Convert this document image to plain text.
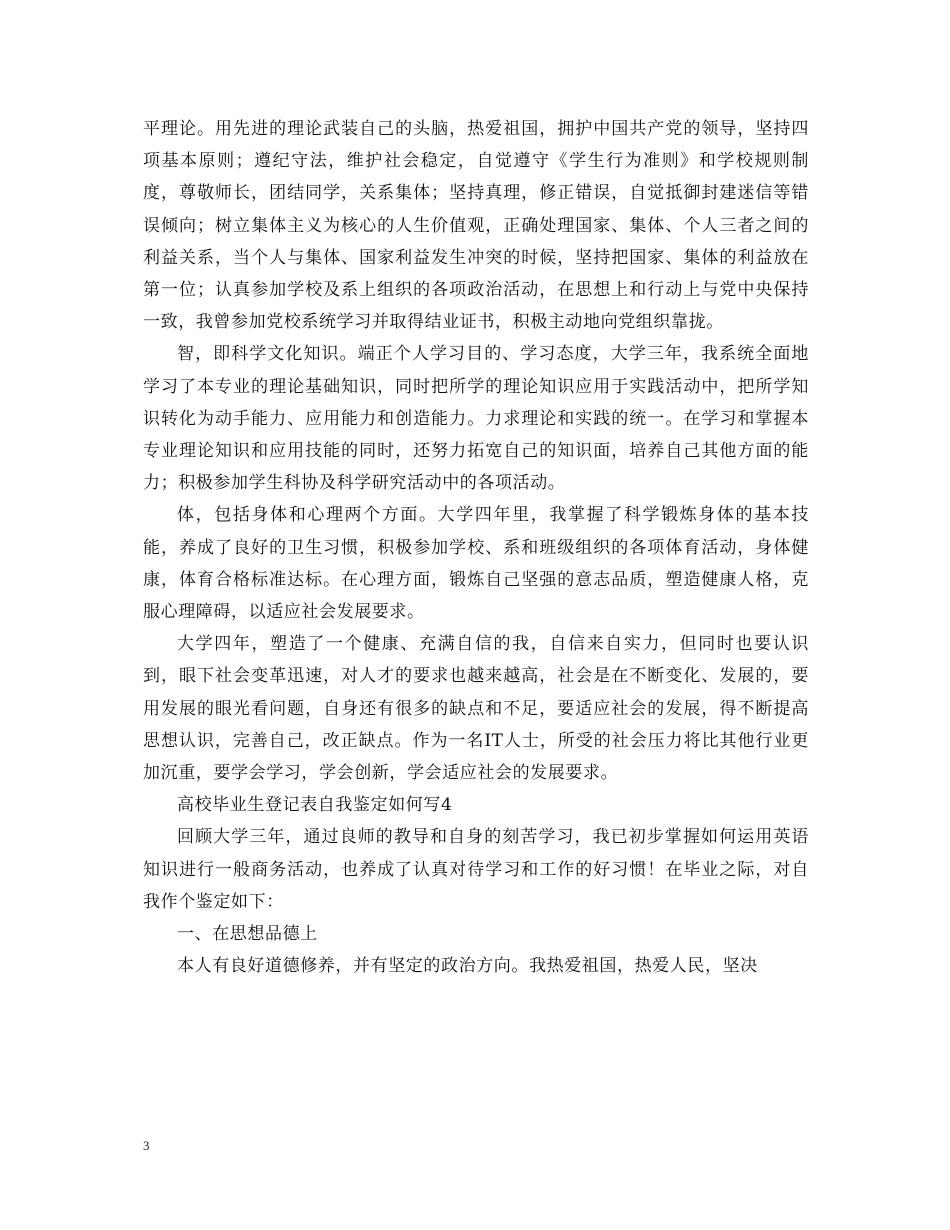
平理论。用先进的理论武装自己的头脑，热爱祖国，拥护中国共产党的领导，坚持四项基本原则；遵纪守法，维护社会稳定，自觉遵守《学生行为准则》和学校规则制度，尊敬师长，团结同学，关系集体；坚持真理，修正错误，自觉抵御封建迷信等错误倾向；树立集体主义为核心的人生价值观，正确处理国家、集体、个人三者之间的利益关系，当个人与集体、国家利益发生冲突的时候，坚持把国家、集体的利益放在第一位；认真参加学校及系上组织的各项政治活动，在思想上和行动上与党中央保持一致，我曾参加党校系统学习并取得结业证书，积极主动地向党组织靠拢。

智，即科学文化知识。端正个人学习目的、学习态度，大学三年，我系统全面地学习了本专业的理论基础知识，同时把所学的理论知识应用于实践活动中，把所学知识转化为动手能力、应用能力和创造能力。力求理论和实践的统一。在学习和掌握本专业理论知识和应用技能的同时，还努力拓宽自己的知识面，培养自己其他方面的能力；积极参加学生科协及科学研究活动中的各项活动。

体，包括身体和心理两个方面。大学四年里，我掌握了科学锻炼身体的基本技能，养成了良好的卫生习惯，积极参加学校、系和班级组织的各项体育活动，身体健康，体育合格标准达标。在心理方面，锻炼自己坚强的意志品质，塑造健康人格，克服心理障碍，以适应社会发展要求。

大学四年，塑造了一个健康、充满自信的我，自信来自实力，但同时也要认识到，眼下社会变革迅速，对人才的要求也越来越高，社会是在不断变化、发展的，要用发展的眼光看问题，自身还有很多的缺点和不足，要适应社会的发展，得不断提高思想认识，完善自己，改正缺点。作为一名IT人士，所受的社会压力将比其他行业更加沉重，要学会学习，学会创新，学会适应社会的发展要求。

高校毕业生登记表自我鉴定如何写4

回顾大学三年，通过良师的教导和自身的刻苦学习，我已初步掌握如何运用英语知识进行一般商务活动，也养成了认真对待学习和工作的好习惯！在毕业之际，对自我作个鉴定如下：

一、在思想品德上

本人有良好道德修养，并有坚定的政治方向。我热爱祖国，热爱人民，坚决

3
